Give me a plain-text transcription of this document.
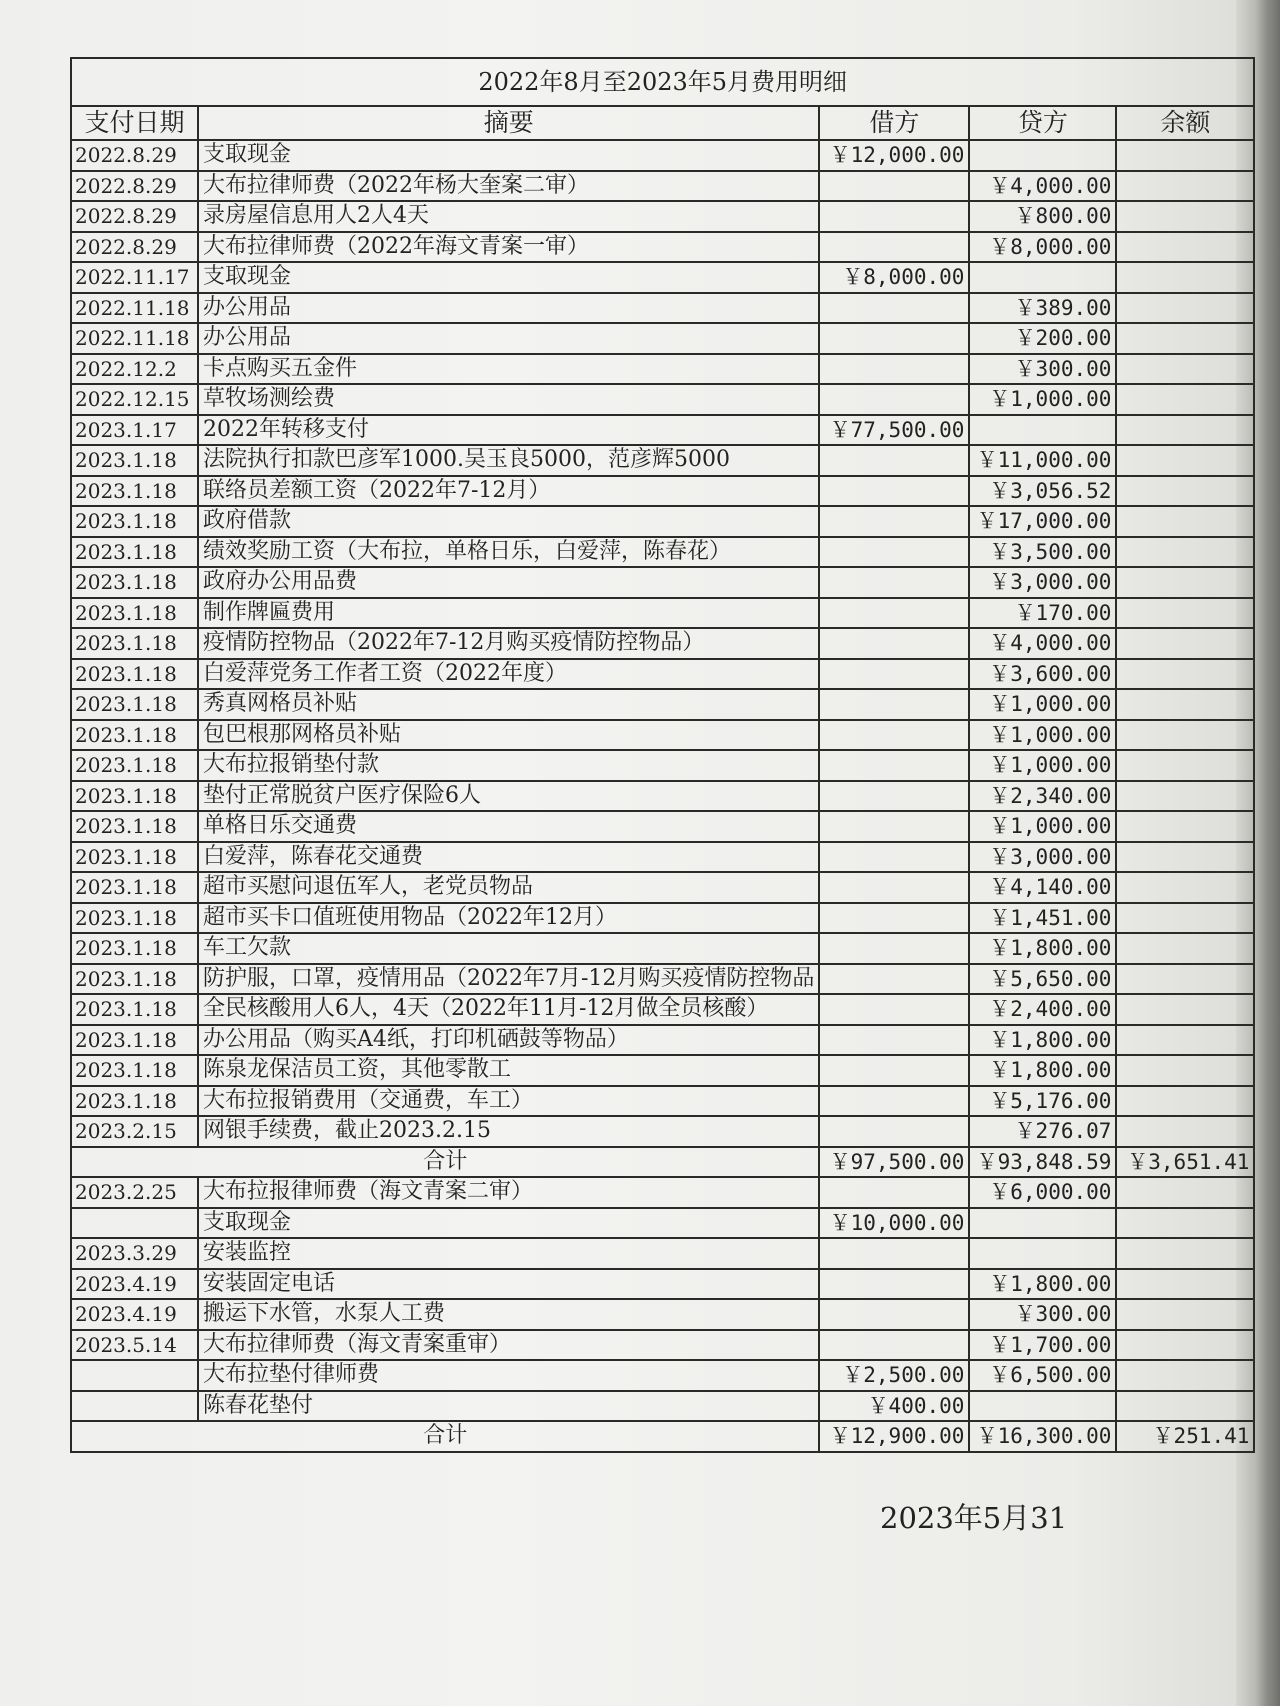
2022年8月至2023年5月费用明细				
支付日期	摘要	借方	贷方	余额
2022.8.29	支取现金	￥12,000.00		
2022.8.29	大布拉律师费（2022年杨大奎案二审）		￥4,000.00	
2022.8.29	录房屋信息用人2人4天		￥800.00	
2022.8.29	大布拉律师费（2022年海文青案一审）		￥8,000.00	
2022.11.17	支取现金	￥8,000.00		
2022.11.18	办公用品		￥389.00	
2022.11.18	办公用品		￥200.00	
2022.12.2	卡点购买五金件		￥300.00	
2022.12.15	草牧场测绘费		￥1,000.00	
2023.1.17	2022年转移支付	￥77,500.00		
2023.1.18	法院执行扣款巴彦军1000.吴玉良5000，范彦辉5000		￥11,000.00	
2023.1.18	联络员差额工资（2022年7-12月）		￥3,056.52	
2023.1.18	政府借款		￥17,000.00	
2023.1.18	绩效奖励工资（大布拉，单格日乐，白爱萍，陈春花）		￥3,500.00	
2023.1.18	政府办公用品费		￥3,000.00	
2023.1.18	制作牌匾费用		￥170.00	
2023.1.18	疫情防控物品（2022年7-12月购买疫情防控物品）		￥4,000.00	
2023.1.18	白爱萍党务工作者工资（2022年度）		￥3,600.00	
2023.1.18	秀真网格员补贴		￥1,000.00	
2023.1.18	包巴根那网格员补贴		￥1,000.00	
2023.1.18	大布拉报销垫付款		￥1,000.00	
2023.1.18	垫付正常脱贫户医疗保险6人		￥2,340.00	
2023.1.18	单格日乐交通费		￥1,000.00	
2023.1.18	白爱萍，陈春花交通费		￥3,000.00	
2023.1.18	超市买慰问退伍军人，老党员物品		￥4,140.00	
2023.1.18	超市买卡口值班使用物品（2022年12月）		￥1,451.00	
2023.1.18	车工欠款		￥1,800.00	
2023.1.18	防护服，口罩，疫情用品（2022年7月-12月购买疫情防控物品		￥5,650.00	
2023.1.18	全民核酸用人6人，4天（2022年11月-12月做全员核酸）		￥2,400.00	
2023.1.18	办公用品（购买A4纸，打印机硒鼓等物品）		￥1,800.00	
2023.1.18	陈泉龙保洁员工资，其他零散工		￥1,800.00	
2023.1.18	大布拉报销费用（交通费，车工）		￥5,176.00	
2023.2.15	网银手续费，截止2023.2.15		￥276.07	
合计		￥97,500.00	￥93,848.59	￥3,651.41
2023.2.25	大布拉报律师费（海文青案二审）		￥6,000.00	
	支取现金	￥10,000.00		
2023.3.29	安装监控			
2023.4.19	安装固定电话		￥1,800.00	
2023.4.19	搬运下水管，水泵人工费		￥300.00	
2023.5.14	大布拉律师费（海文青案重审）		￥1,700.00	
	大布拉垫付律师费	￥2,500.00	￥6,500.00	
	陈春花垫付	￥400.00		
合计		￥12,900.00	￥16,300.00	￥251.41
2023年5月31
